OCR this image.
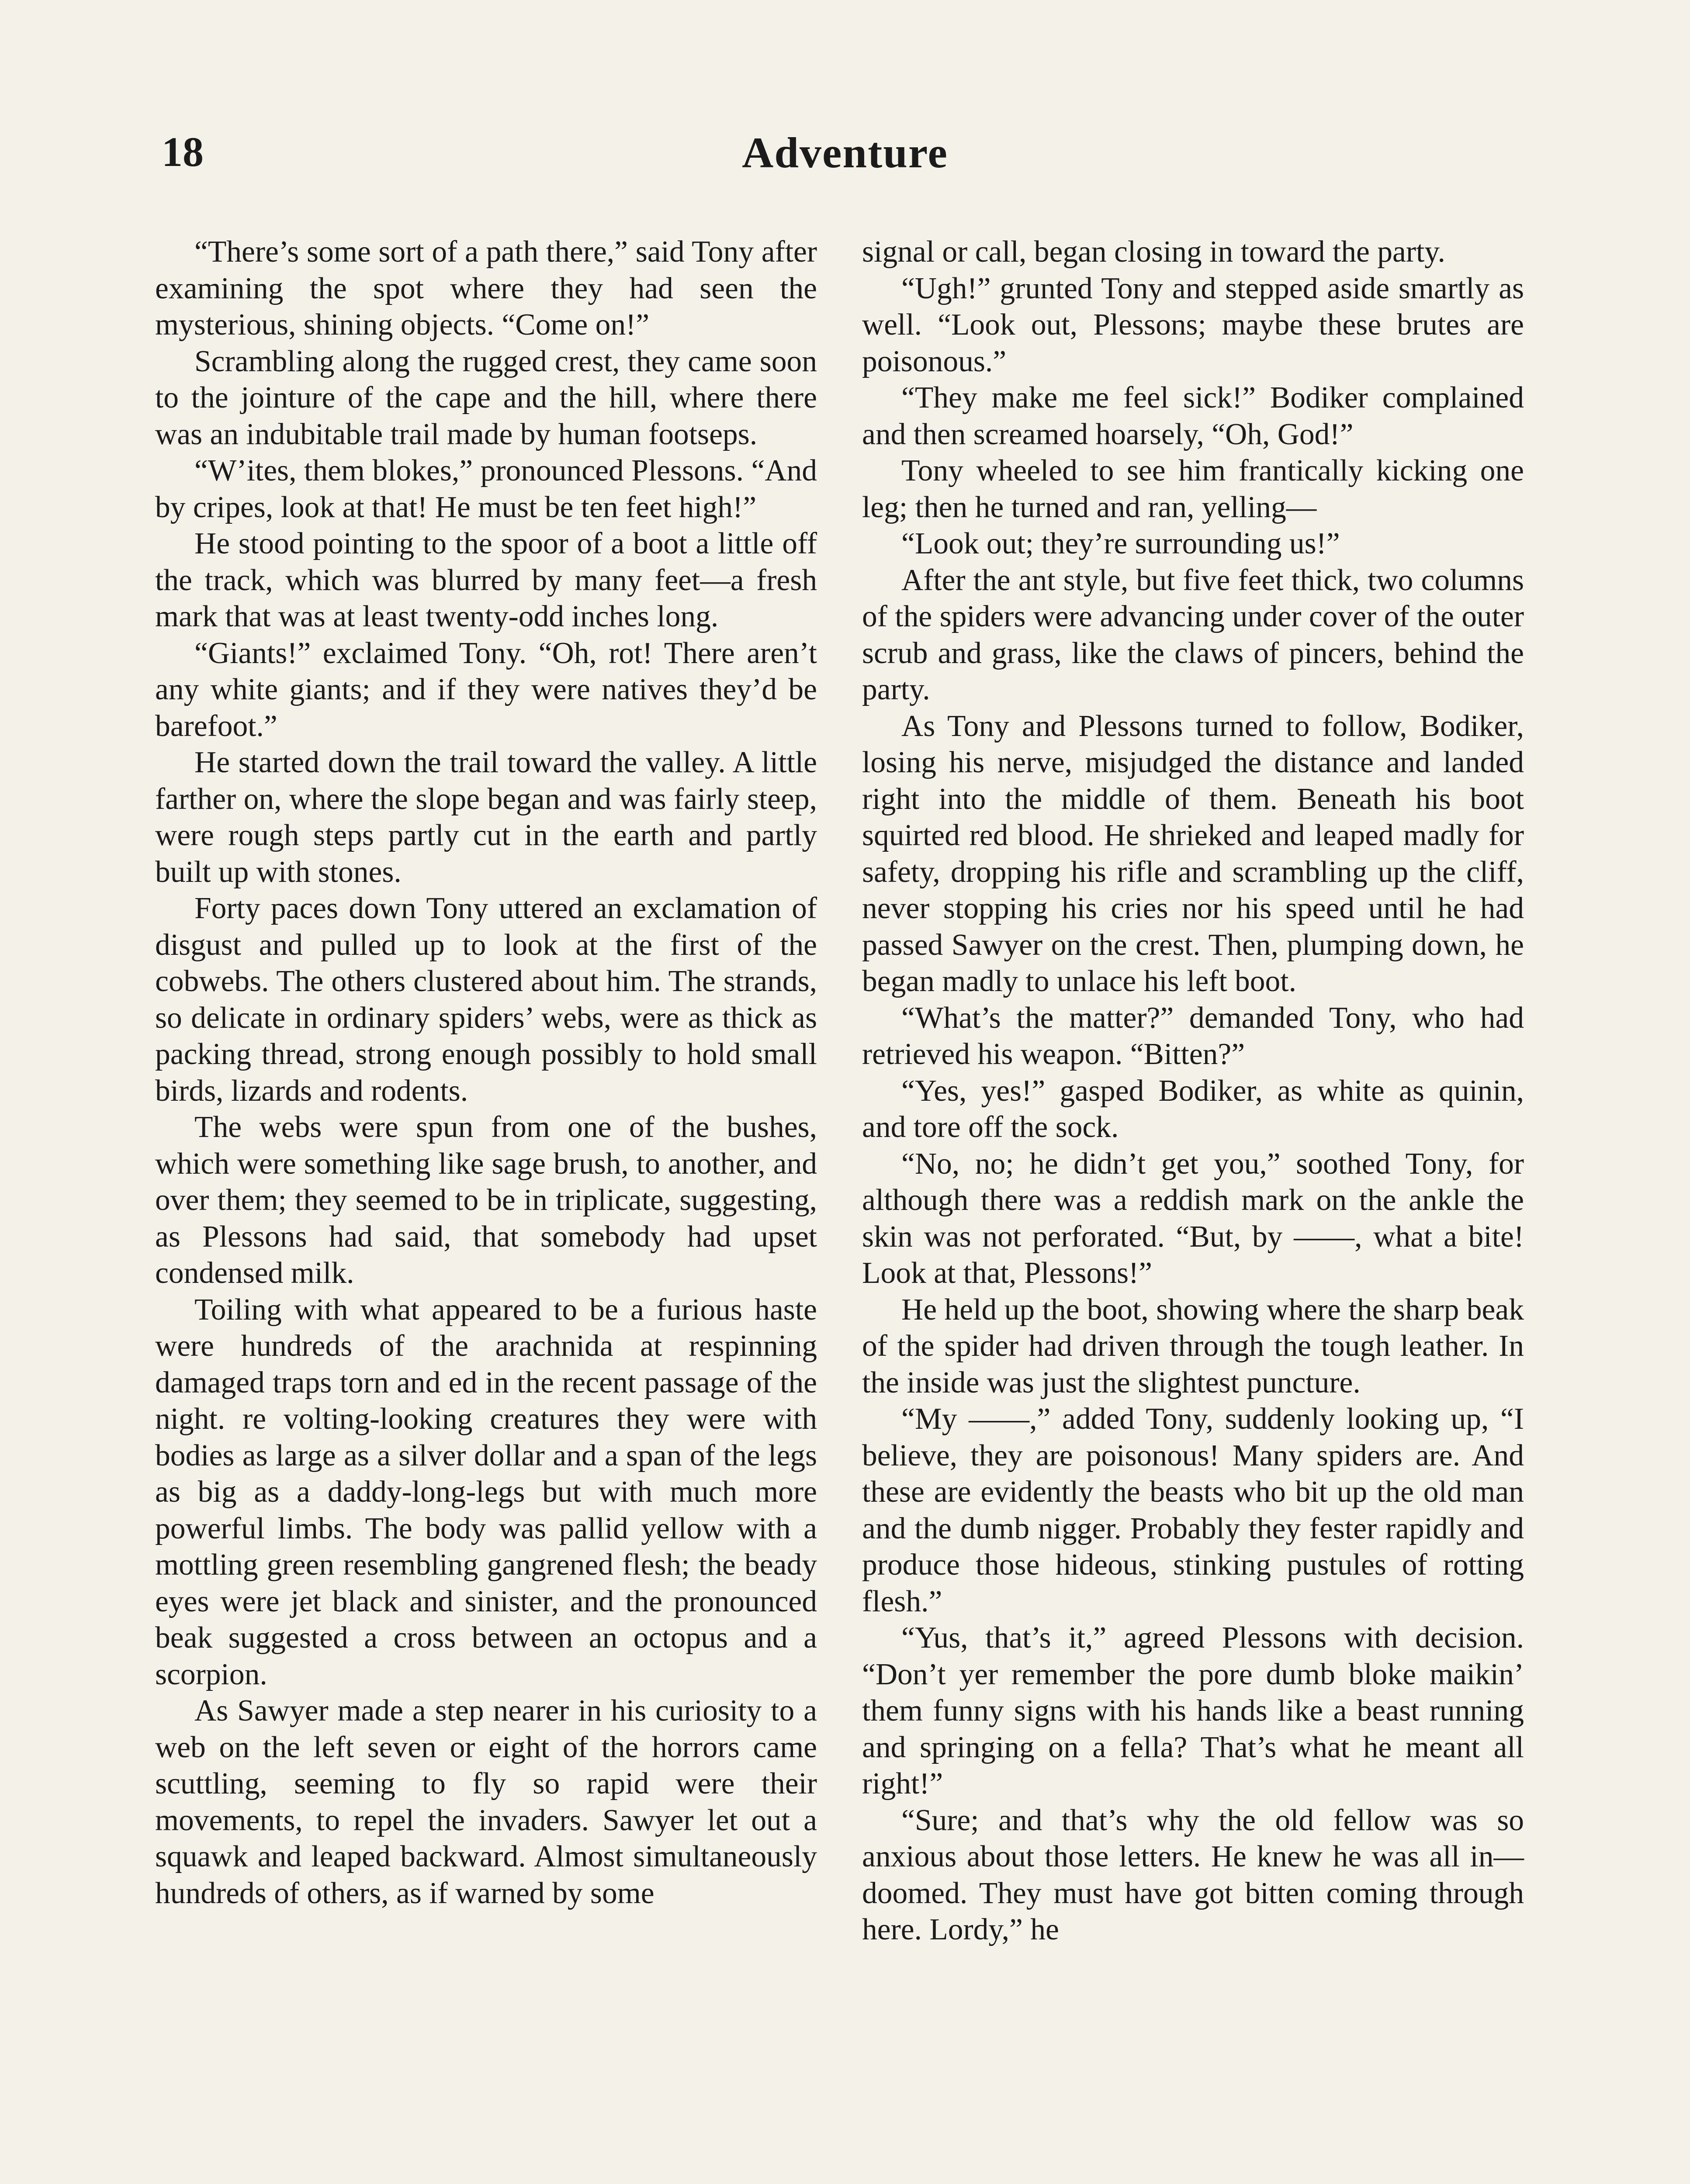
18	Adventure

“There’s some sort of a path there,” said Tony after examining the spot where they had seen the mysterious, shining objects. “Come on!”

Scrambling along the rugged crest, they came soon to the jointure of the cape and the hill, where there was an indubitable trail made by human footseps.

“W’ites, them blokes,” pronounced Plessons. “And by cripes, look at that! He must be ten feet high!”

He stood pointing to the spoor of a boot a little off the track, which was blurred by many feet—a fresh mark that was at least twenty-odd inches long.

“Giants!” exclaimed Tony. “Oh, rot! There aren’t any white giants; and if they were natives they’d be barefoot.”

He started down the trail toward the valley. A little farther on, where the slope began and was fairly steep, were rough steps partly cut in the earth and partly built up with stones.

Forty paces down Tony uttered an exclamation of disgust and pulled up to look at the first of the cobwebs. The others clustered about him. The strands, so delicate in ordinary spiders’ webs, were as thick as packing thread, strong enough possibly to hold small birds, lizards and rodents.

The webs were spun from one of the bushes, which were something like sage brush, to another, and over them; they seemed to be in triplicate, suggesting, as Plessons had said, that somebody had upset condensed milk.

Toiling with what appeared to be a furious haste were hundreds of the arachnida at respinning damaged traps torn and ed in the recent passage of the night. re volting-looking creatures they were with bodies as large as a silver dollar and a span of the legs as big as a daddy-long-legs but with much more powerful limbs. The body was pallid yellow with a mottling green resembling gangrened flesh; the beady eyes were jet black and sinister, and the pronounced beak suggested a cross between an octopus and a scorpion.

As Sawyer made a step nearer in his curiosity to a web on the left seven or eight of the horrors came scuttling, seeming to fly so rapid were their movements, to repel the invaders. Sawyer let out a squawk and leaped backward. Almost simultaneously hundreds of others, as if warned by some

signal or call, began closing in toward the party.

“Ugh!” grunted Tony and stepped aside smartly as well. “Look out, Plessons; maybe these brutes are poisonous.”

“They make me feel sick!” Bodiker complained and then screamed hoarsely, “Oh, God!”

Tony wheeled to see him frantically kicking one leg; then he turned and ran, yelling—

“Look out; they’re surrounding us!”

After the ant style, but five feet thick, two columns of the spiders were advancing under cover of the outer scrub and grass, like the claws of pincers, behind the party.

As Tony and Plessons turned to follow, Bodiker, losing his nerve, misjudged the distance and landed right into the middle of them. Beneath his boot squirted red blood. He shrieked and leaped madly for safety, dropping his rifle and scrambling up the cliff, never stopping his cries nor his speed until he had passed Sawyer on the crest. Then, plumping down, he began madly to unlace his left boot.

“What’s the matter?” demanded Tony, who had retrieved his weapon. “Bitten?”

“Yes, yes!” gasped Bodiker, as white as quinin, and tore off the sock.

“No, no; he didn’t get you,” soothed Tony, for although there was a reddish mark on the ankle the skin was not perforated. “But, by ——, what a bite! Look at that, Plessons!”

He held up the boot, showing where the sharp beak of the spider had driven through the tough leather. In the inside was just the slightest puncture.

“My ——,” added Tony, suddenly looking up, “I believe, they are poisonous! Many spiders are. And these are evidently the beasts who bit up the old man and the dumb nigger. Probably they fester rapidly and produce those hideous, stinking pustules of rotting flesh.”

“Yus, that’s it,” agreed Plessons with decision. “Don’t yer remember the pore dumb bloke maikin’ them funny signs with his hands like a beast running and springing on a fella? That’s what he meant all right!”

“Sure; and that’s why the old fellow was so anxious about those letters. He knew he was all in—doomed. They must have got bitten coming through here. Lordy,” he
